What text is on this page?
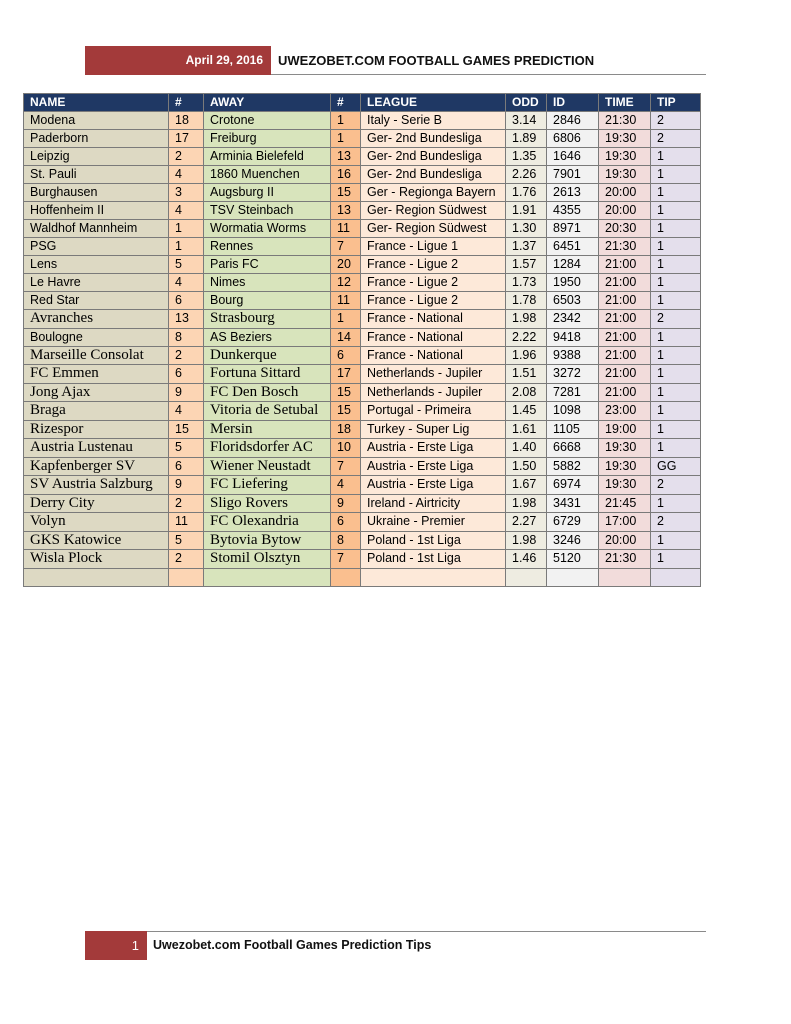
April 29, 2016	UWEZOBET.COM FOOTBALL GAMES PREDICTION
NAME	#	AWAY	#	LEAGUE	ODD	ID	TIME	TIP
Modena	18	Crotone	1	Italy - Serie B	3.14	2846	21:30	2
Paderborn	17	Freiburg	1	Ger- 2nd Bundesliga	1.89	6806	19:30	2
Leipzig	2	Arminia Bielefeld	13	Ger- 2nd Bundesliga	1.35	1646	19:30	1
St. Pauli	4	1860 Muenchen	16	Ger- 2nd Bundesliga	2.26	7901	19:30	1
Burghausen	3	Augsburg II	15	Ger - Regionga Bayern	1.76	2613	20:00	1
Hoffenheim II	4	TSV Steinbach	13	Ger- Region Südwest	1.91	4355	20:00	1
Waldhof Mannheim	1	Wormatia Worms	11	Ger- Region Südwest	1.30	8971	20:30	1
PSG	1	Rennes	7	France - Ligue 1	1.37	6451	21:30	1
Lens	5	Paris FC	20	France - Ligue 2	1.57	1284	21:00	1
Le Havre	4	Nimes	12	France - Ligue 2	1.73	1950	21:00	1
Red Star	6	Bourg	11	France - Ligue 2	1.78	6503	21:00	1
Avranches	13	Strasbourg	1	France - National	1.98	2342	21:00	2
Boulogne	8	AS Beziers	14	France - National	2.22	9418	21:00	1
Marseille Consolat	2	Dunkerque	6	France - National	1.96	9388	21:00	1
FC Emmen	6	Fortuna Sittard	17	Netherlands - Jupiler	1.51	3272	21:00	1
Jong Ajax	9	FC Den Bosch	15	Netherlands - Jupiler	2.08	7281	21:00	1
Braga	4	Vitoria de Setubal	15	Portugal - Primeira	1.45	1098	23:00	1
Rizespor	15	Mersin	18	Turkey - Super Lig	1.61	1105	19:00	1
Austria Lustenau	5	Floridsdorfer AC	10	Austria - Erste Liga	1.40	6668	19:30	1
Kapfenberger SV	6	Wiener Neustadt	7	Austria - Erste Liga	1.50	5882	19:30	GG
SV Austria Salzburg	9	FC Liefering	4	Austria - Erste Liga	1.67	6974	19:30	2
Derry City	2	Sligo Rovers	9	Ireland - Airtricity	1.98	3431	21:45	1
Volyn	11	FC Olexandria	6	Ukraine - Premier	2.27	6729	17:00	2
GKS Katowice	5	Bytovia Bytow	8	Poland - 1st Liga	1.98	3246	20:00	1
Wisla Plock	2	Stomil Olsztyn	7	Poland - 1st Liga	1.46	5120	21:30	1

1	Uwezobet.com Football Games Prediction Tips
